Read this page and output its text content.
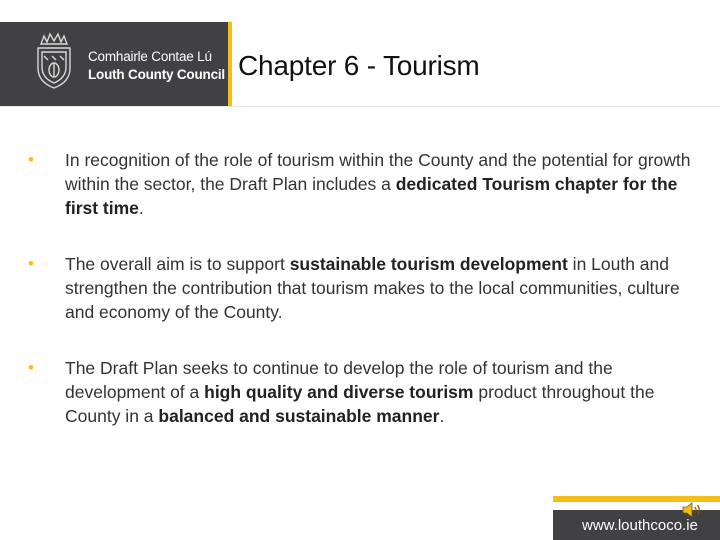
Comhairle Contae Lú
Louth County Council Chapter 6 - Tourism
• In recognition of the role of tourism within the County and the potential for growth within the sector, the Draft Plan includes a dedicated Tourism chapter for the first time.
• The overall aim is to support sustainable tourism development in Louth and strengthen the contribution that tourism makes to the local communities, culture and economy of the County.
• The Draft Plan seeks to continue to develop the role of tourism and the development of a high quality and diverse tourism product throughout the County in a balanced and sustainable manner.
www.louthcoco.ie
